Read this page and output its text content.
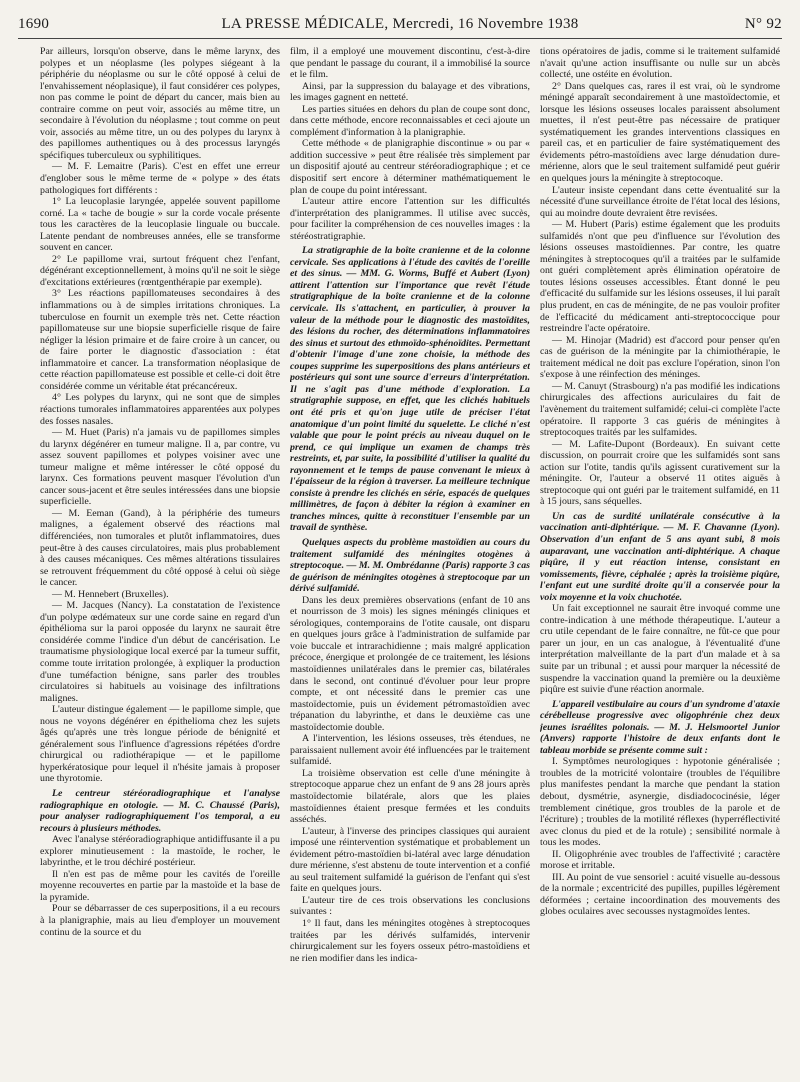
1690	LA PRESSE MÉDICALE, Mercredi, 16 Novembre 1938	N° 92

Par ailleurs, lorsqu'on observe, dans le même larynx, des polypes et un néoplasme (les polypes siégeant à la périphérie du néoplasme ou sur le côté opposé à celui de l'envahissement néoplasique), il faut considérer ces polypes, non pas comme le point de départ du cancer, mais bien au contraire comme on peut voir, associés au même titre, un secondaire à l'évolution du néoplasme ; tout comme on peut voir, associés au même titre, un ou des polypes du larynx à des papillomes authentiques ou à des processus laryngés spécifiques tuberculeux ou syphilitiques.

— M. F. Lemaitre (Paris). C'est en effet une erreur d'englober sous le même terme de « polype » des états pathologiques fort différents :

1° La leucoplasie laryngée, appelée souvent papillome corné. La « tache de bougie » sur la corde vocale présente tous les caractères de la leucoplasie linguale ou buccale. Latente pendant de nombreuses années, elle se transforme souvent en cancer.

2° Le papillome vrai, surtout fréquent chez l'enfant, dégénérant exceptionnellement, à moins qu'il ne soit le siège d'excitations extérieures (rœntgenthérapie par exemple).

3° Les réactions papillomateuses secondaires à des inflammations ou à de simples irritations chroniques. La tuberculose en fournit un exemple très net. Cette réaction papillomateuse sur une biopsie superficielle risque de faire négliger la lésion primaire et de faire croire à un cancer, ou de faire porter le diagnostic d'association : état inflammatoire et cancer. La transformation néoplasique de cette réaction papillomateuse est possible et celle-ci doit être considérée comme un véritable état précancéreux.

4° Les polypes du larynx, qui ne sont que de simples réactions tumorales inflammatoires apparentées aux polypes des fosses nasales.

— M. Huet (Paris) n'a jamais vu de papillomes simples du larynx dégénérer en tumeur maligne. Il a, par contre, vu assez souvent papillomes et polypes voisiner avec une tumeur maligne et même intéresser le côté opposé du larynx. Ces formations peuvent masquer l'évolution d'un cancer sous-jacent et être seules intéressées dans une biopsie superficielle.

— M. Eeman (Gand), à la périphérie des tumeurs malignes, a également observé des réactions mal différenciées, non tumorales et plutôt inflammatoires, dues peut-être à des causes circulatoires, mais plus probablement à des causes mécaniques. Ces mêmes altérations tissulaires se retrouvent fréquemment du côté opposé à celui où siège le cancer.

— M. Hennebert (Bruxelles).

— M. Jacques (Nancy). La constatation de l'existence d'un polype œdémateux sur une corde saine en regard d'un épithélioma sur la paroi opposée du larynx ne saurait être considérée comme l'indice d'un début de cancérisation. Le traumatisme physiologique local exercé par la tumeur suffit, comme toute irritation prolongée, à expliquer la production d'une tuméfaction bénigne, sans parler des troubles circulatoires si habituels au voisinage des infiltrations malignes.

L'auteur distingue également — le papillome simple, que nous ne voyons dégénérer en épithelioma chez les sujets âgés qu'après une très longue période de bénignité et généralement sous l'influence d'agressions répétées d'ordre chirurgical ou radiothérapique — et le papillome hyperkératosique pour lequel il n'hésite jamais à proposer une thyrotomie.

Le centreur stéréoradiographique et l'analyse radiographique en otologie. — M. C. Chaussé (Paris), pour analyser radiographiquement l'os temporal, a eu recours à plusieurs méthodes.

Avec l'analyse stéréoradiographique antidiffusante il a pu explorer minutieusement : la mastoïde, le rocher, le labyrinthe, et le trou déchiré postérieur.

Il n'en est pas de même pour les cavités de l'oreille moyenne recouvertes en partie par la mastoïde et la base de la pyramide.

Pour se débarrasser de ces superpositions, il a eu recours à la planigraphie, mais au lieu d'employer un mouvement continu de la source et du

film, il a employé une mouvement discontinu, c'est-à-dire que pendant le passage du courant, il a immobilisé la source et le film.

Ainsi, par la suppression du balayage et des vibrations, les images gagnent en netteté.

Les parties situées en dehors du plan de coupe sont donc, dans cette méthode, encore reconnaissables et ceci ajoute un complément d'information à la planigraphie.

Cette méthode « de planigraphie discontinue » ou par « addition successive » peut être réalisée très simplement par un dispositif ajouté au centreur stéréoradiographique ; et ce dispositif sert encore à déterminer mathématiquement le plan de coupe du point intéressant.

L'auteur attire encore l'attention sur les difficultés d'interprétation des planigrammes. Il utilise avec succès, pour faciliter la compréhension de ces nouvelles images : la stéréostratigraphie.

La stratigraphie de la boîte cranienne et de la colonne cervicale. Ses applications à l'étude des cavités de l'oreille et des sinus. — MM. G. Worms, Buffé et Aubert (Lyon) attirent l'attention sur l'importance que revêt l'étude stratigraphique de la boîte cranienne et de la colonne cervicale. Ils s'attachent, en particulier, à prouver la valeur de la méthode pour le diagnostic des mastoïdites, des lésions du rocher, des déterminations inflammatoires des sinus et surtout des ethmoïdo-sphénoïdites. Permettant d'obtenir l'image d'une zone choisie, la méthode des coupes supprime les superpositions des plans antérieurs et postérieurs qui sont une source d'erreurs d'interprétation. Il ne s'agit pas d'une méthode d'exploration. La stratigraphie suppose, en effet, que les clichés habituels ont été pris et qu'on juge utile de préciser l'état anatomique d'un point limité du squelette. Le cliché n'est valable que pour le point précis au niveau duquel on le prend, ce qui implique un examen de champs très restreints, et, par suite, la possibilité d'utiliser la qualité du rayonnement et le temps de pause convenant le mieux à l'épaisseur de la région à traverser. La meilleure technique consiste à prendre les clichés en série, espacés de quelques millimètres, de façon à débiter la région à examiner en tranches minces, quitte à reconstituer l'ensemble par un travail de synthèse.

Quelques aspects du problème mastoïdien au cours du traitement sulfamidé des méningites otogènes à streptocoque. — M. M. Ombrédanne (Paris) rapporte 3 cas de guérison de méningites otogènes à streptocoque par un dérivé sulfamidé.

Dans les deux premières observations (enfant de 10 ans et nourrisson de 3 mois) les signes méningés cliniques et sérologiques, contemporains de l'otite causale, ont disparu en quelques jours grâce à l'administration de sulfamide par voie buccale et intrarachidienne ; mais malgré application précoce, énergique et prolongée de ce traitement, les lésions mastoïdiennes unilatérales dans le premier cas, bilatérales dans le second, ont continué d'évoluer pour leur propre compte, et ont nécessité dans le premier cas une mastoïdectomie, puis un évidement pétromastoïdien avec trépanation du labyrinthe, et dans le deuxième cas une mastoïdectomie double.

A l'intervention, les lésions osseuses, très étendues, ne paraissaient nullement avoir été influencées par le traitement sulfamidé.

La troisième observation est celle d'une méningite à streptocoque apparue chez un enfant de 9 ans 28 jours après mastoïdectomie bilatérale, alors que les plaies mastoïdiennes étaient presque fermées et les conduits asséchés.

L'auteur, à l'inverse des principes classiques qui auraient imposé une réintervention systématique et probablement un évidement pétro-mastoïdien bi-latéral avec large dénudation dure mérienne, s'est abstenu de toute intervention et a confié au seul traitement sulfamidé la guérison de l'enfant qui s'est faite en quelques jours.

L'auteur tire de ces trois observations les conclusions suivantes :

1° Il faut, dans les méningites otogènes à streptocoques traitées par les dérivés sulfamidés, intervenir chirurgicalement sur les foyers osseux pétro-mastoïdiens et ne rien modifier dans les indica-

tions opératoires de jadis, comme si le traitement sulfamidé n'avait qu'une action insuffisante ou nulle sur un abcès collecté, une ostéite en évolution.

2° Dans quelques cas, rares il est vrai, où le syndrome méningé apparaît secondairement à une mastoïdectomie, et lorsque les lésions osseuses locales paraissent absolument muettes, il n'est peut-être pas nécessaire de pratiquer systématiquement les grandes interventions classiques en pareil cas, et en particulier de faire systématiquement des évidements pétro-mastoïdiens avec large dénudation dure-mérienne, alors que le seul traitement sulfamidé peut guérir en quelques jours la méningite à streptocoque.

L'auteur insiste cependant dans cette éventualité sur la nécessité d'une surveillance étroite de l'état local des lésions, qui au moindre doute devraient être revisées.

— M. Hubert (Paris) estime également que les produits sulfamidés n'ont que peu d'influence sur l'évolution des lésions osseuses mastoïdiennes. Par contre, les quatre méningites à streptocoques qu'il a traitées par le sulfamide ont guéri complètement après élimination opératoire de toutes lésions osseuses accessibles. Étant donné le peu d'efficacité du sulfamide sur les lésions osseuses, il lui paraît plus prudent, en cas de méningite, de ne pas vouloir profiter de l'efficacité du médicament anti-streptococcique pour restreindre l'acte opératoire.

— M. Hinojar (Madrid) est d'accord pour penser qu'en cas de guérison de la méningite par la chimiothérapie, le traitement médical ne doit pas exclure l'opération, sinon l'on s'expose à une réinfection des méninges.

— M. Canuyt (Strasbourg) n'a pas modifié les indications chirurgicales des affections auriculaires du fait de l'avènement du traitement sulfamidé; celui-ci complète l'acte opératoire. Il rapporte 3 cas guéris de méningites à streptocoques traités par les sulfamides.

— M. Lafite-Dupont (Bordeaux). En suivant cette discussion, on pourrait croire que les sulfamidés sont sans action sur l'otite, tandis qu'ils agissent curativement sur la méningite. Or, l'auteur a observé 11 otites aiguës à streptocoque qui ont guéri par le traitement sulfamidé, en 11 à 15 jours, sans séquelles.

Un cas de surdité unilatérale consécutive à la vaccination anti-diphtérique. — M. F. Chavanne (Lyon). Observation d'un enfant de 5 ans ayant subi, 8 mois auparavant, une vaccination anti-diphtérique. A chaque piqûre, il y eut réaction intense, consistant en vomissements, fièvre, céphalée ; après la troisième piqûre, l'enfant eut une surdité droite qu'il a conservée pour la voix moyenne et la voix chuchotée.

Un fait exceptionnel ne saurait être invoqué comme une contre-indication à une méthode thérapeutique. L'auteur a cru utile cependant de le faire connaître, ne fût-ce que pour parer un jour, en un cas analogue, à l'éventualité d'une interprétation malveillante de la part d'un malade et à sa suite par un tribunal ; et aussi pour marquer la nécessité de suspendre la vaccination quand la première ou la deuxième piqûre est suivie d'une réaction anormale.

L'appareil vestibulaire au cours d'un syndrome d'ataxie cérébelleuse progressive avec oligophrénie chez deux jeunes israélites polonais. — M. J. Helsmoortel Junior (Anvers) rapporte l'histoire de deux enfants dont le tableau morbide se présente comme suit :

I. Symptômes neurologiques : hypotonie généralisée ; troubles de la motricité volontaire (troubles de l'équilibre plus manifestes pendant la marche que pendant la station debout, dysmétrie, asynergie, disdiadococinésie, léger tremblement cinétique, gros troubles de la parole et de l'écriture) ; troubles de la motilité réflexes (hyperréflectivité avec clonus du pied et de la rotule) ; sensibilité normale à tous les modes.

II. Oligophrénie avec troubles de l'affectivité ; caractère morose et irritable.

III. Au point de vue sensoriel : acuité visuelle au-dessous de la normale ; excentricité des pupilles, pupilles légèrement déformées ; certaine incoordination des mouvements des globes oculaires avec secousses nystagmoïdes lentes.
